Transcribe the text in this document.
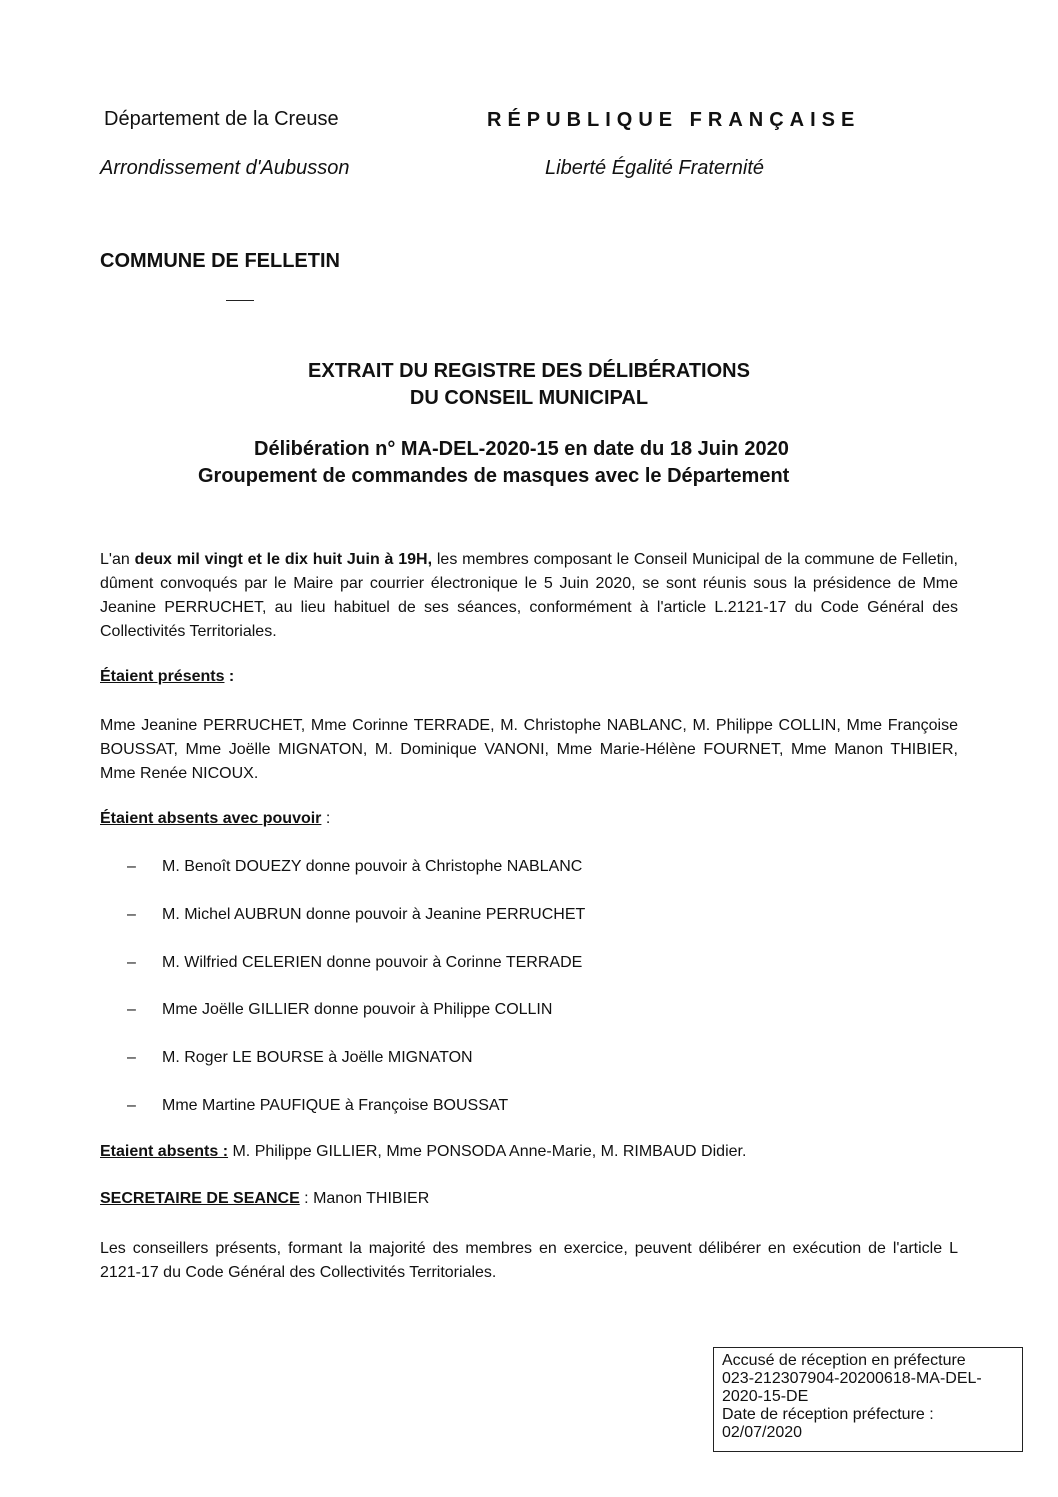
Département de la Creuse	RÉPUBLIQUE FRANÇAISE
Arrondissement d'Aubusson	Liberté Égalité Fraternité
COMMUNE DE FELLETIN
EXTRAIT DU REGISTRE DES DÉLIBÉRATIONS
DU CONSEIL MUNICIPAL
Délibération n° MA-DEL-2020-15 en date du 18 Juin 2020
Groupement de commandes de masques avec le Département
L'an deux mil vingt et le dix huit Juin à 19H, les membres composant le Conseil Municipal de la commune de Felletin, dûment convoqués par le Maire par courrier électronique le 5 Juin 2020, se sont réunis sous la présidence de Mme Jeanine PERRUCHET, au lieu habituel de ses séances, conformément à l'article L.2121-17 du Code Général des Collectivités Territoriales.
Étaient présents :
Mme Jeanine PERRUCHET, Mme Corinne TERRADE, M. Christophe NABLANC, M. Philippe COLLIN, Mme Françoise BOUSSAT, Mme Joëlle MIGNATON, M. Dominique VANONI, Mme Marie-Hélène FOURNET, Mme Manon THIBIER, Mme Renée NICOUX.
Étaient absents avec pouvoir :
– M. Benoît DOUEZY donne pouvoir à Christophe NABLANC
– M. Michel AUBRUN donne pouvoir à Jeanine PERRUCHET
– M. Wilfried CELERIEN donne pouvoir à Corinne TERRADE
– Mme Joëlle GILLIER donne pouvoir à Philippe COLLIN
– M. Roger LE BOURSE à Joëlle MIGNATON
– Mme Martine PAUFIQUE à Françoise BOUSSAT
Etaient absents : M. Philippe GILLIER, Mme PONSODA Anne-Marie, M. RIMBAUD Didier.
SECRETAIRE DE SEANCE : Manon THIBIER
Les conseillers présents, formant la majorité des membres en exercice, peuvent délibérer en exécution de l'article L 2121-17 du Code Général des Collectivités Territoriales.
Accusé de réception en préfecture
023-212307904-20200618-MA-DEL-
2020-15-DE
Date de réception préfecture :
02/07/2020
